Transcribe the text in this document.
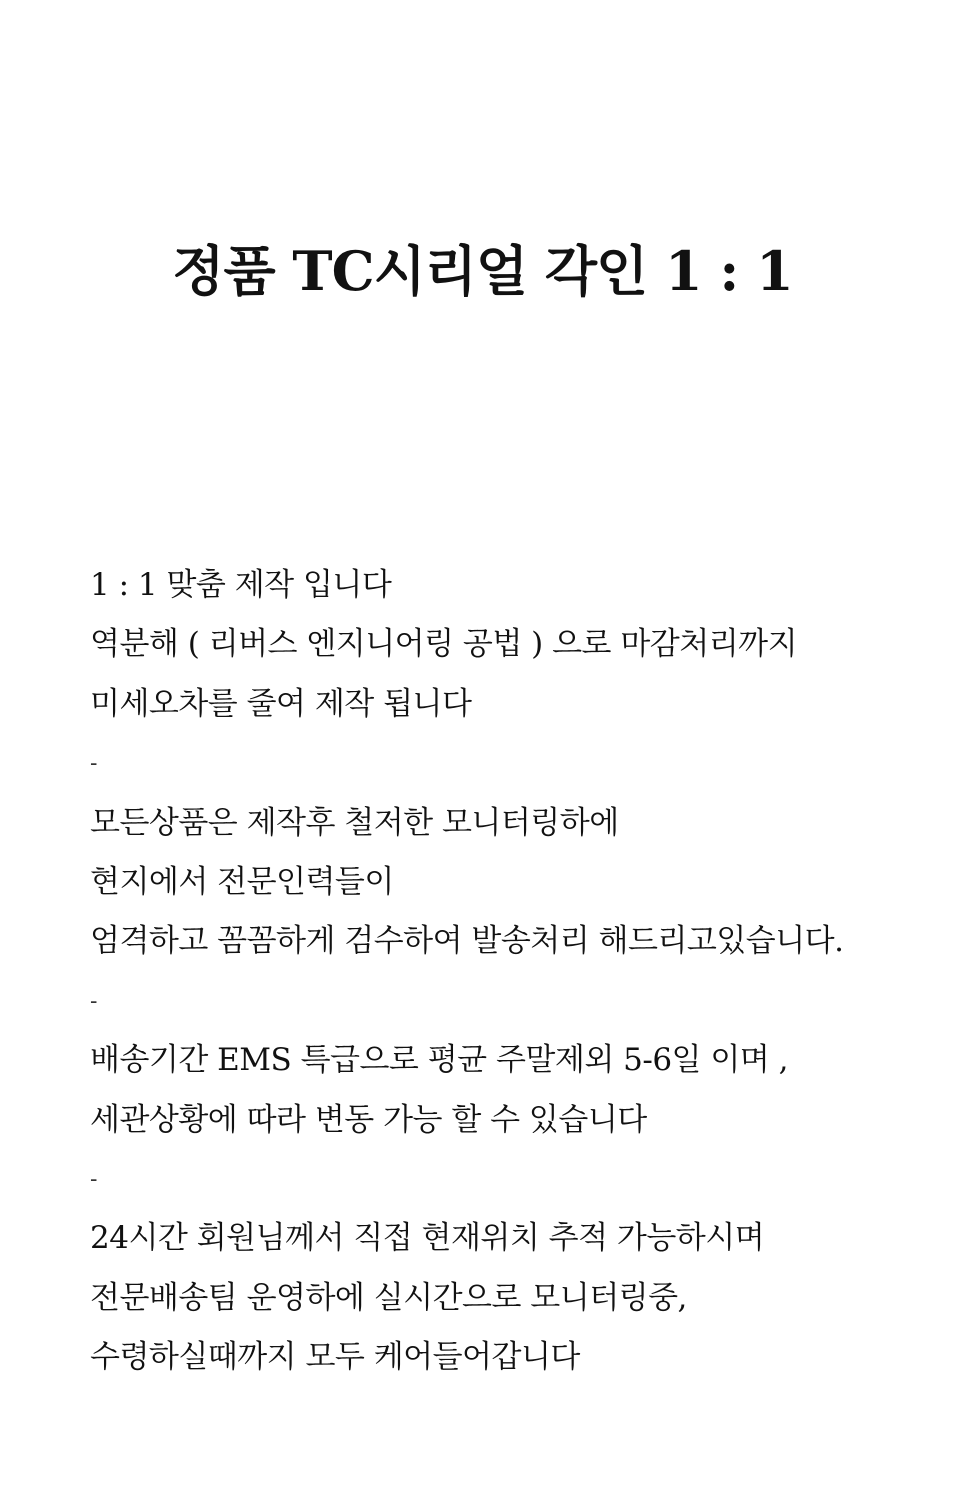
정품 TC시리얼 각인 1 : 1
1 : 1 맞춤 제작 입니다
역분해 ( 리버스 엔지니어링 공법 ) 으로 마감처리까지
미세오차를 줄여 제작 됩니다
-
모든상품은 제작후 철저한 모니터링하에
현지에서 전문인력들이
엄격하고 꼼꼼하게 검수하여 발송처리 해드리고있습니다.
-
배송기간 EMS 특급으로 평균 주말제외 5-6일 이며 ,
세관상황에 따라 변동 가능 할 수 있습니다
-
24시간 회원님께서 직접 현재위치 추적 가능하시며
전문배송팀 운영하에 실시간으로 모니터링중,
수령하실때까지 모두 케어들어갑니다
